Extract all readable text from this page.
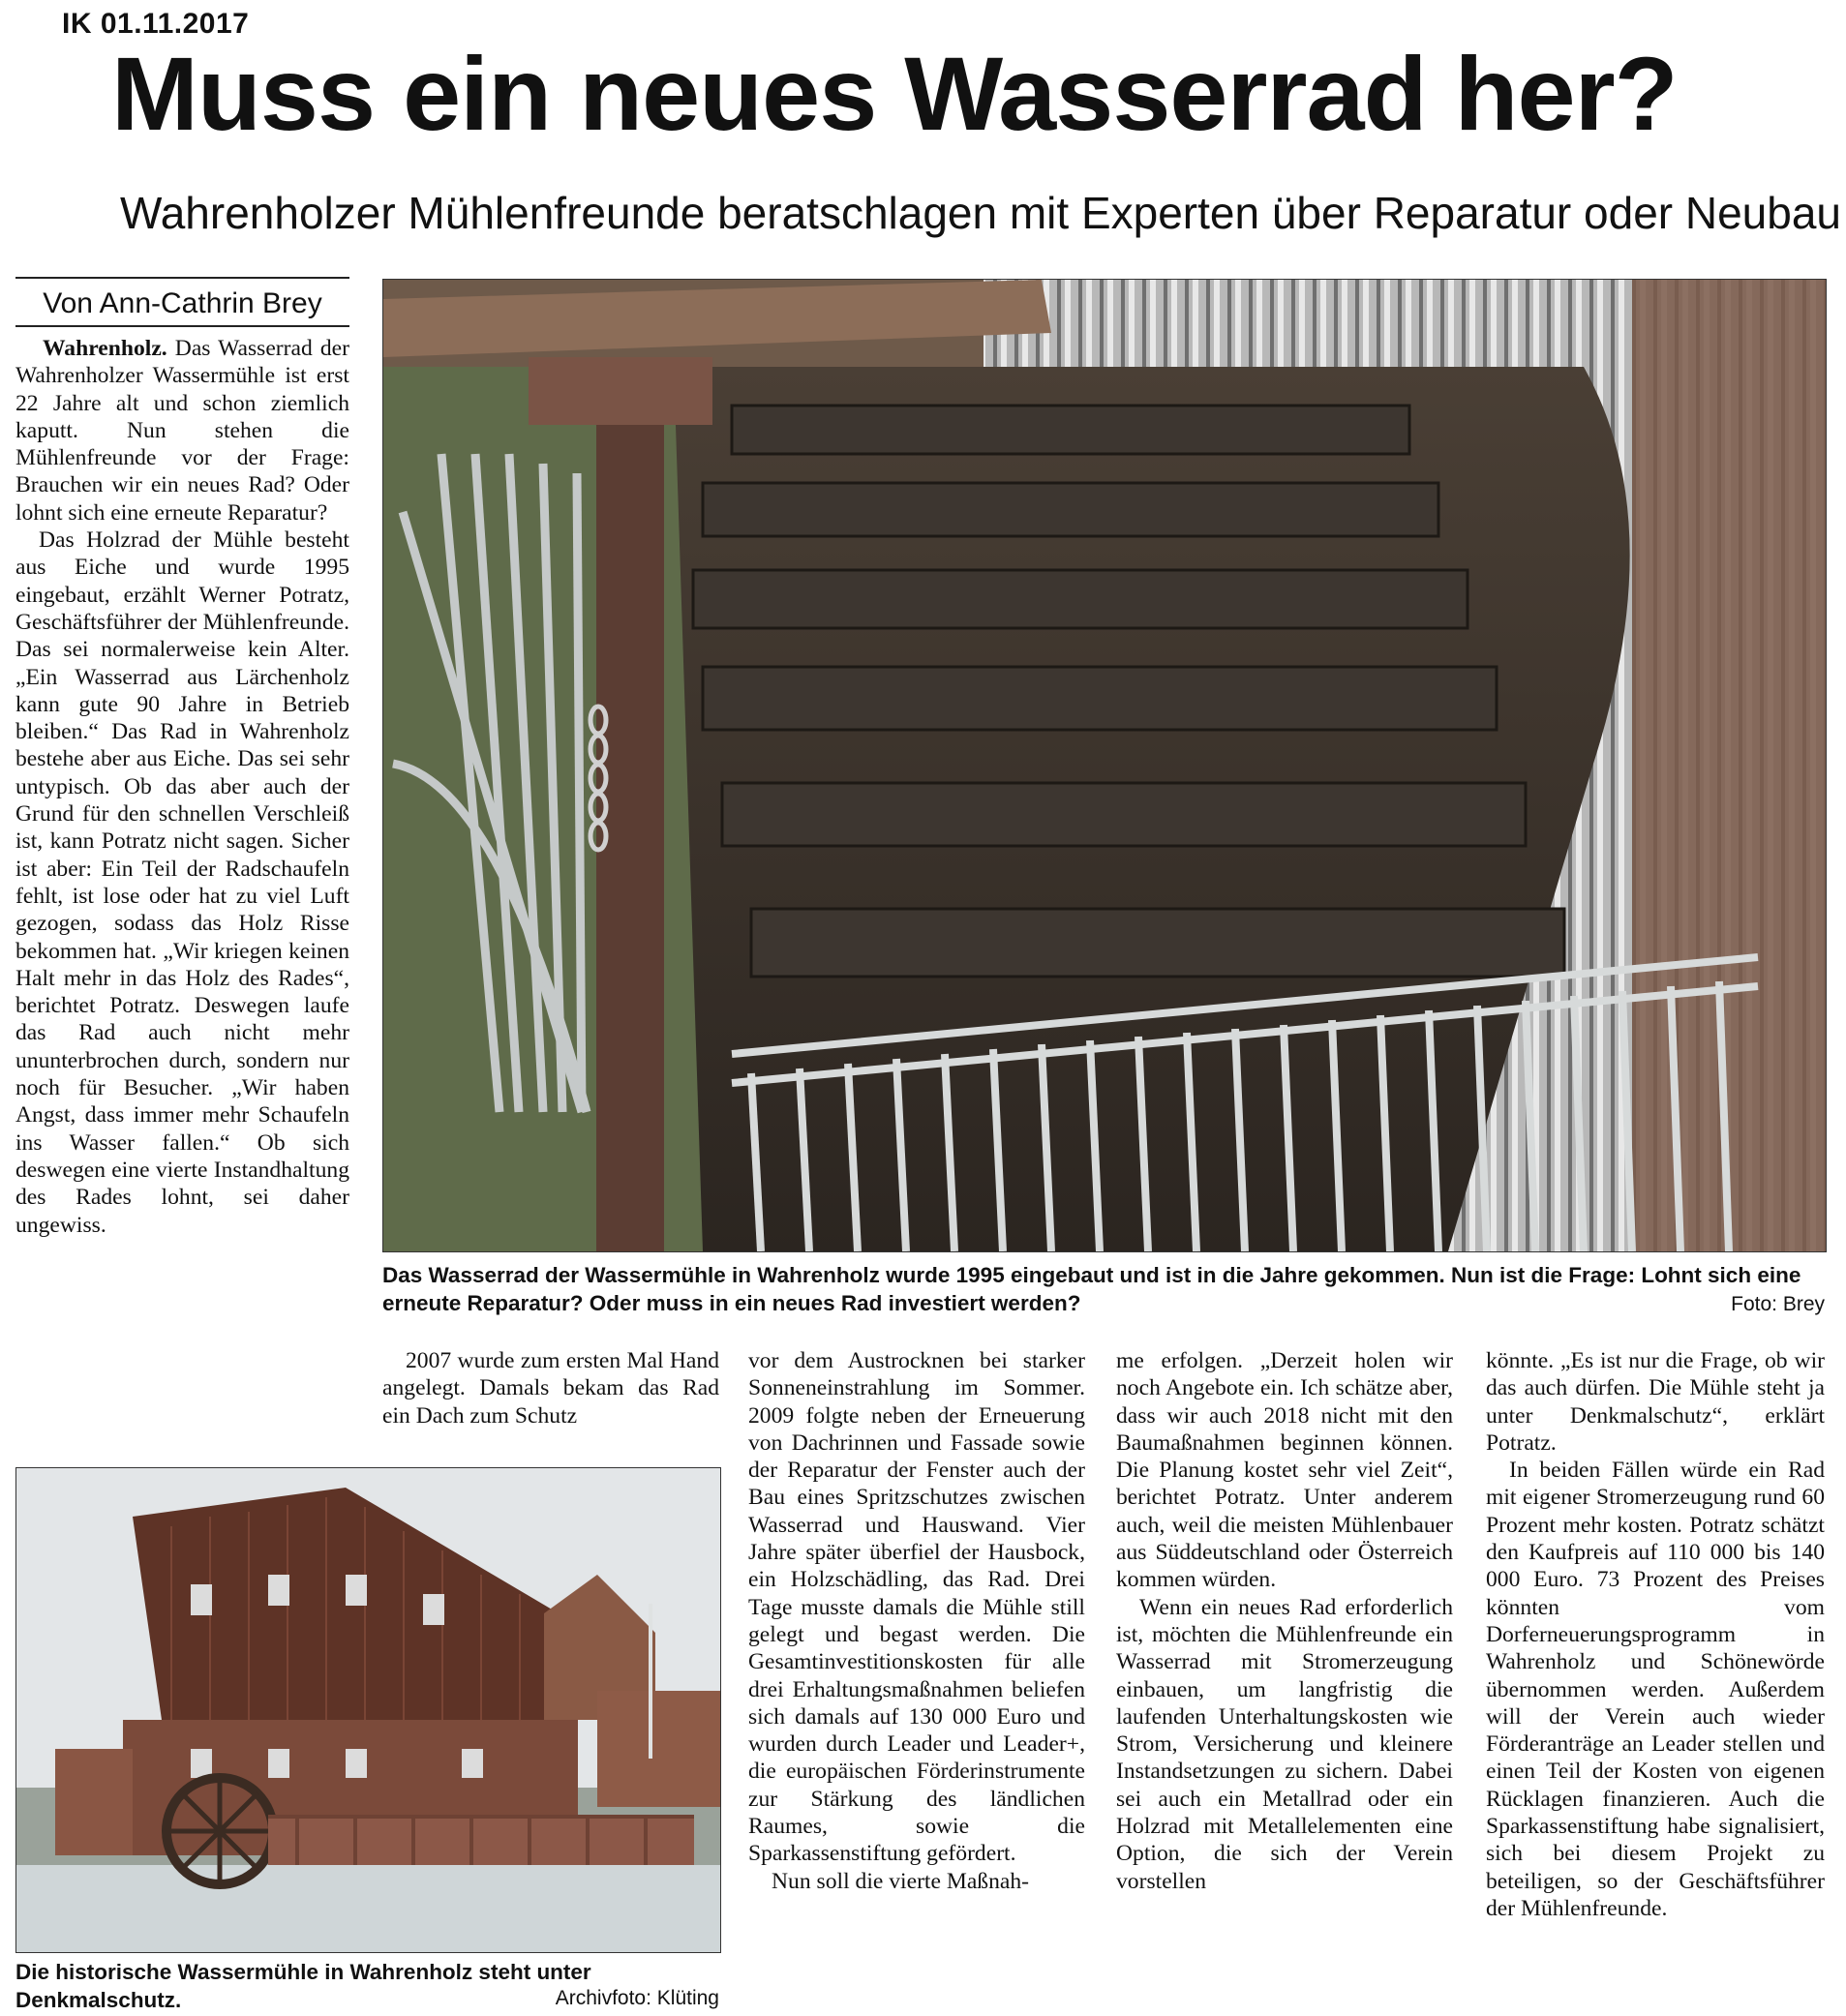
IK 01.11.2017
Muss ein neues Wasserrad her?
Wahrenholzer Mühlenfreunde beratschlagen mit Experten über Reparatur oder Neubau
Von Ann-Cathrin Brey

Wahrenholz. Das Wasserrad der Wahrenholzer Wassermühle ist erst 22 Jahre alt und schon ziemlich kaputt. Nun stehen die Mühlenfreunde vor der Frage: Brauchen wir ein neues Rad? Oder lohnt sich eine erneute Reparatur?

Das Holzrad der Mühle besteht aus Eiche und wurde 1995 eingebaut, erzählt Werner Potratz, Geschäftsführer der Mühlenfreunde. Das sei normalerweise kein Alter. „Ein Wasserrad aus Lärchenholz kann gute 90 Jahre in Betrieb bleiben.“ Das Rad in Wahrenholz bestehe aber aus Eiche. Das sei sehr untypisch. Ob das aber auch der Grund für den schnellen Verschleiß ist, kann Potratz nicht sagen. Sicher ist aber: Ein Teil der Radschaufeln fehlt, ist lose oder hat zu viel Luft gezogen, sodass das Holz Risse bekommen hat. „Wir kriegen keinen Halt mehr in das Holz des Rades“, berichtet Potratz. Deswegen laufe das Rad auch nicht mehr ununterbrochen durch, sondern nur noch für Besucher. „Wir haben Angst, dass immer mehr Schaufeln ins Wasser fallen.“ Ob sich deswegen eine vierte Instandhaltung des Rades lohnt, sei daher ungewiss.

Das Wasserrad der Wassermühle in Wahrenholz wurde 1995 eingebaut und ist in die Jahre gekommen. Nun ist die Frage: Lohnt sich eine erneute Reparatur? Oder muss in ein neues Rad investiert werden?	Foto: Brey
Die historische Wassermühle in Wahrenholz steht unter Denkmalschutz.	Archivfoto: Klüting

2007 wurde zum ersten Mal Hand angelegt. Damals bekam das Rad ein Dach zum Schutz

vor dem Austrocknen bei starker Sonneneinstrahlung im Sommer. 2009 folgte neben der Erneuerung von Dachrinnen und Fassade sowie der Reparatur der Fenster auch der Bau eines Spritzschutzes zwischen Wasserrad und Hauswand. Vier Jahre später überfiel der Hausbock, ein Holzschädling, das Rad. Drei Tage musste damals die Mühle still gelegt und begast werden. Die Gesamtinvestitionskosten für alle drei Erhaltungsmaßnahmen beliefen sich damals auf 130 000 Euro und wurden durch Leader und Leader+, die europäischen Förderinstrumente zur Stärkung des ländlichen Raumes, sowie die Sparkassenstiftung gefördert.

Nun soll die vierte Maßnah-

me erfolgen. „Derzeit holen wir noch Angebote ein. Ich schätze aber, dass wir auch 2018 nicht mit den Baumaßnahmen beginnen können. Die Planung kostet sehr viel Zeit“, berichtet Potratz. Unter anderem auch, weil die meisten Mühlenbauer aus Süddeutschland oder Österreich kommen würden.

Wenn ein neues Rad erforderlich ist, möchten die Mühlenfreunde ein Wasserrad mit Stromerzeugung einbauen, um langfristig die laufenden Unterhaltungskosten wie Strom, Versicherung und kleinere Instandsetzungen zu sichern. Dabei sei auch ein Metallrad oder ein Holzrad mit Metallelementen eine Option, die sich der Verein vorstellen

könnte. „Es ist nur die Frage, ob wir das auch dürfen. Die Mühle steht ja unter Denkmalschutz“, erklärt Potratz.

In beiden Fällen würde ein Rad mit eigener Stromerzeugung rund 60 Prozent mehr kosten. Potratz schätzt den Kaufpreis auf 110 000 bis 140 000 Euro. 73 Prozent des Preises könnten vom Dorferneuerungsprogramm in Wahrenholz und Schönewörde übernommen werden. Außerdem will der Verein auch wieder Förderanträge an Leader stellen und einen Teil der Kosten von eigenen Rücklagen finanzieren. Auch die Sparkassenstiftung habe signalisiert, sich bei diesem Projekt zu beteiligen, so der Geschäftsführer der Mühlenfreunde.
